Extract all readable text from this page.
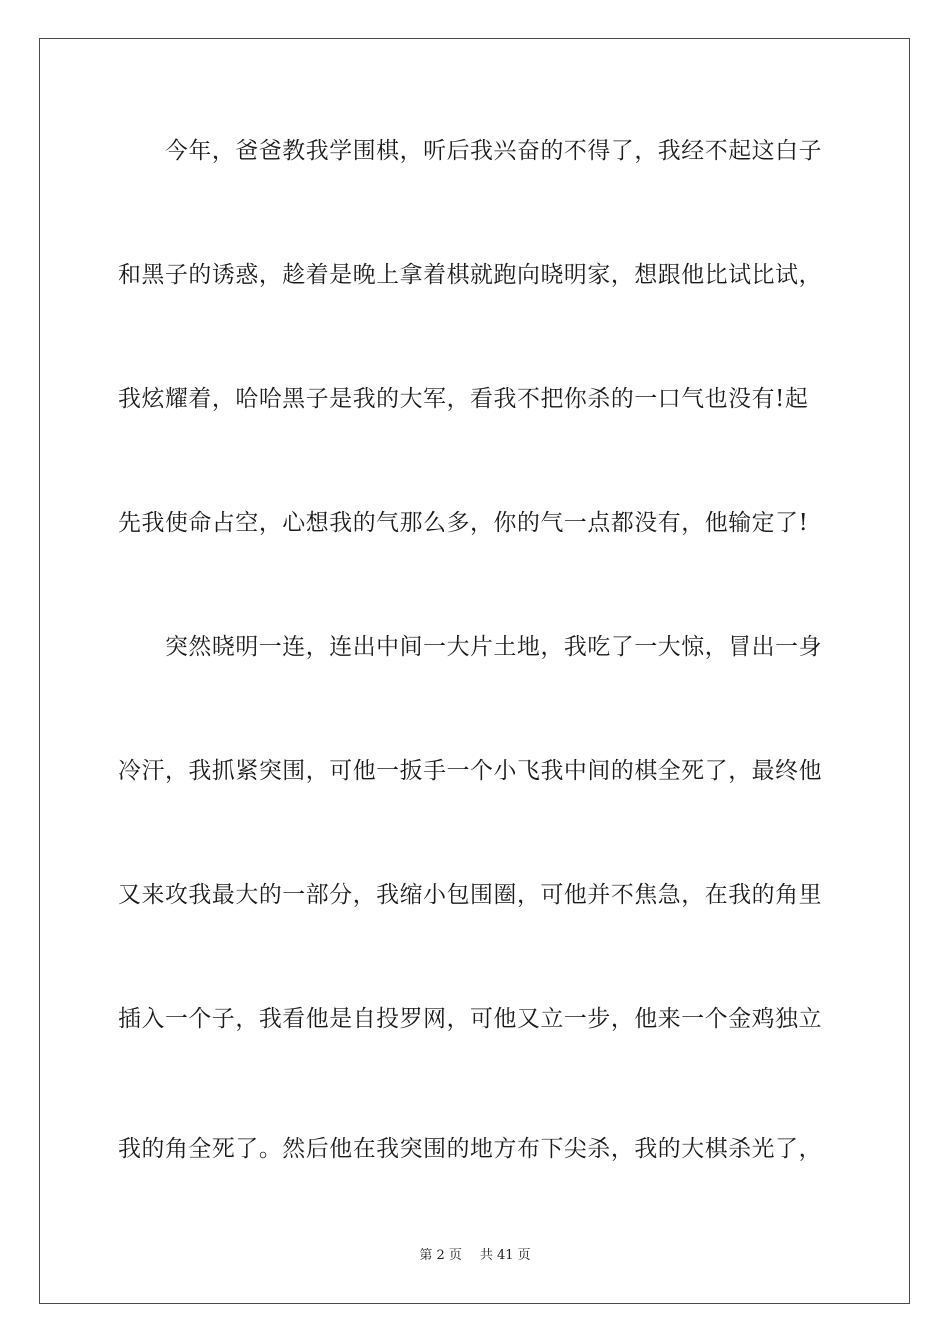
　　今年，爸爸教我学围棋，听后我兴奋的不得了，我经不起这白子
和黑子的诱惑，趁着是晚上拿着棋就跑向晓明家，想跟他比试比试，
我炫耀着，哈哈黑子是我的大军，看我不把你杀的一口气也没有!起
先我使命占空，心想我的气那么多，你的气一点都没有，他输定了!
　　突然晓明一连，连出中间一大片土地，我吃了一大惊，冒出一身
冷汗，我抓紧突围，可他一扳手一个小飞我中间的棋全死了，最终他
又来攻我最大的一部分，我缩小包围圈，可他并不焦急，在我的角里
插入一个子，我看他是自投罗网，可他又立一步，他来一个金鸡独立
我的角全死了。然后他在我突围的地方布下尖杀，我的大棋杀光了，
第 2 页 共 41 页
